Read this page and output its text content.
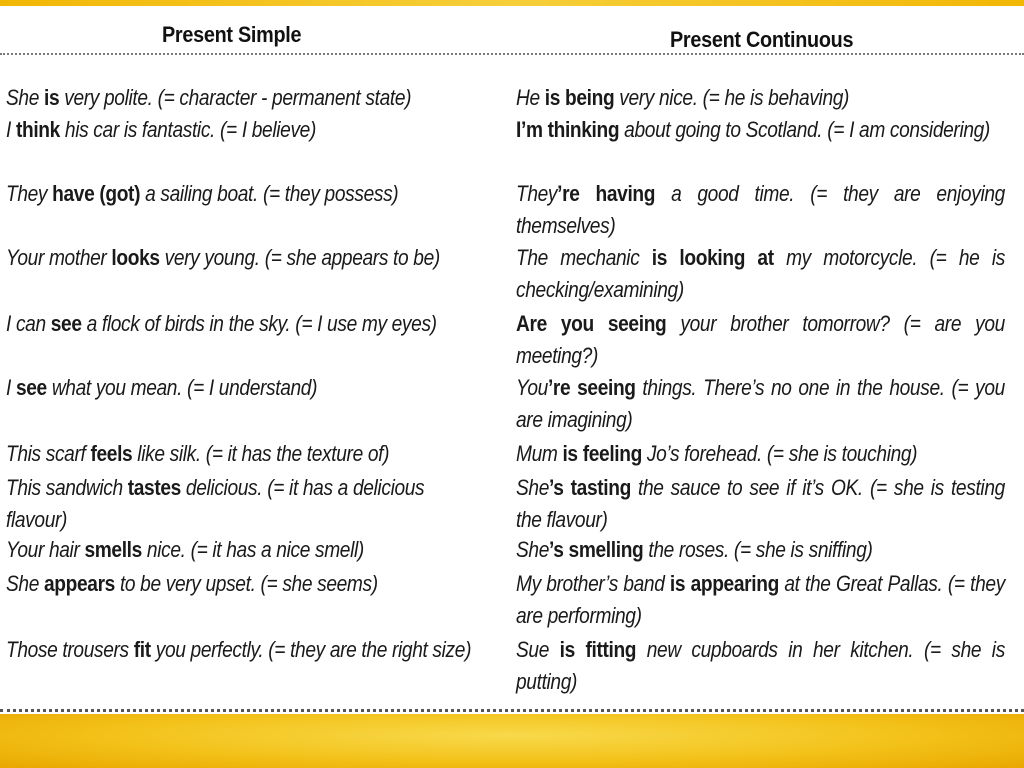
Present Simple	Present Continuous
She is very polite. (= character - permanent state)
I think his car is fantastic. (= I believe)
They have (got) a sailing boat. (= they possess)
Your mother looks very young. (= she appears to be)
I can see a flock of birds in the sky. (= I use my eyes)
I see what you mean. (= I understand)
This scarf feels like silk. (= it has the texture of)
This sandwich tastes delicious. (= it has a delicious flavour)
Your hair smells nice. (= it has a nice smell)
She appears to be very upset. (= she seems)
Those trousers fit you perfectly. (= they are the right size)
He is being very nice. (= he is behaving)
I’m thinking about going to Scotland. (= I am considering)
They’re having a good time. (= they are enjoying themselves)
The mechanic is looking at my motorcycle. (= he is checking/examining)
Are you seeing your brother tomorrow? (= are you meeting?)
You’re seeing things. There’s no one in the house. (= you are imagining)
Mum is feeling Jo’s forehead. (= she is touching)
She’s tasting the sauce to see if it’s OK. (= she is testing the flavour)
She’s smelling the roses. (= she is sniffing)
My brother’s band is appearing at the Great Pallas. (= they are performing)
Sue is fitting new cupboards in her kitchen. (= she is putting)
